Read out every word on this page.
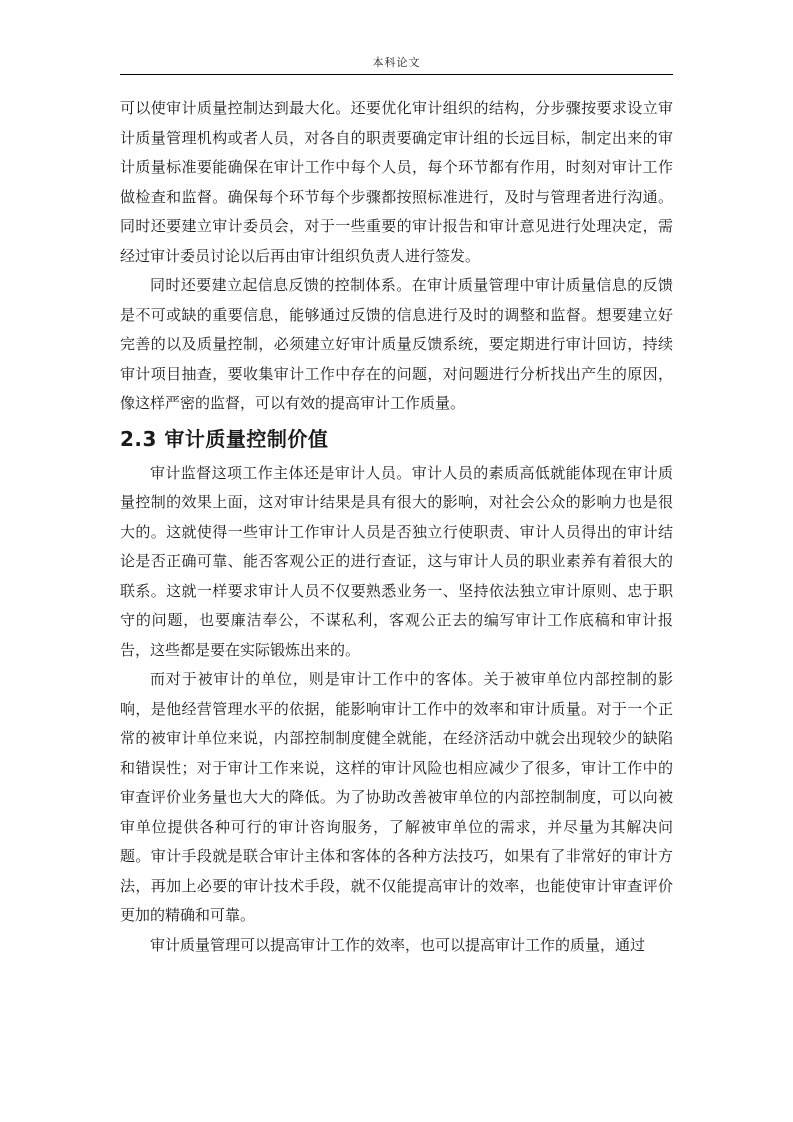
本科论文

可以使审计质量控制达到最大化。还要优化审计组织的结构，分步骤按要求设立审计质量管理机构或者人员，对各自的职责要确定审计组的长远目标，制定出来的审计质量标准要能确保在审计工作中每个人员，每个环节都有作用，时刻对审计工作做检查和监督。确保每个环节每个步骤都按照标准进行，及时与管理者进行沟通。同时还要建立审计委员会，对于一些重要的审计报告和审计意见进行处理决定，需经过审计委员讨论以后再由审计组织负责人进行签发。

同时还要建立起信息反馈的控制体系。在审计质量管理中审计质量信息的反馈是不可或缺的重要信息，能够通过反馈的信息进行及时的调整和监督。想要建立好完善的以及质量控制，必须建立好审计质量反馈系统，要定期进行审计回访，持续审计项目抽查，要收集审计工作中存在的问题，对问题进行分析找出产生的原因，像这样严密的监督，可以有效的提高审计工作质量。

2.3 审计质量控制价值

审计监督这项工作主体还是审计人员。审计人员的素质高低就能体现在审计质量控制的效果上面，这对审计结果是具有很大的影响，对社会公众的影响力也是很大的。这就使得一些审计工作审计人员是否独立行使职责、审计人员得出的审计结论是否正确可靠、能否客观公正的进行查证，这与审计人员的职业素养有着很大的联系。这就一样要求审计人员不仅要熟悉业务一、坚持依法独立审计原则、忠于职守的问题，也要廉洁奉公，不谋私利，客观公正去的编写审计工作底稿和审计报告，这些都是要在实际锻炼出来的。

而对于被审计的单位，则是审计工作中的客体。关于被审单位内部控制的影响，是他经营管理水平的依据，能影响审计工作中的效率和审计质量。对于一个正常的被审计单位来说，内部控制制度健全就能，在经济活动中就会出现较少的缺陷和错误性；对于审计工作来说，这样的审计风险也相应减少了很多，审计工作中的审查评价业务量也大大的降低。为了协助改善被审单位的内部控制制度，可以向被审单位提供各种可行的审计咨询服务，了解被审单位的需求，并尽量为其解决问题。审计手段就是联合审计主体和客体的各种方法技巧，如果有了非常好的审计方法，再加上必要的审计技术手段，就不仅能提高审计的效率，也能使审计审查评价更加的精确和可靠。

审计质量管理可以提高审计工作的效率，也可以提高审计工作的质量，通过
